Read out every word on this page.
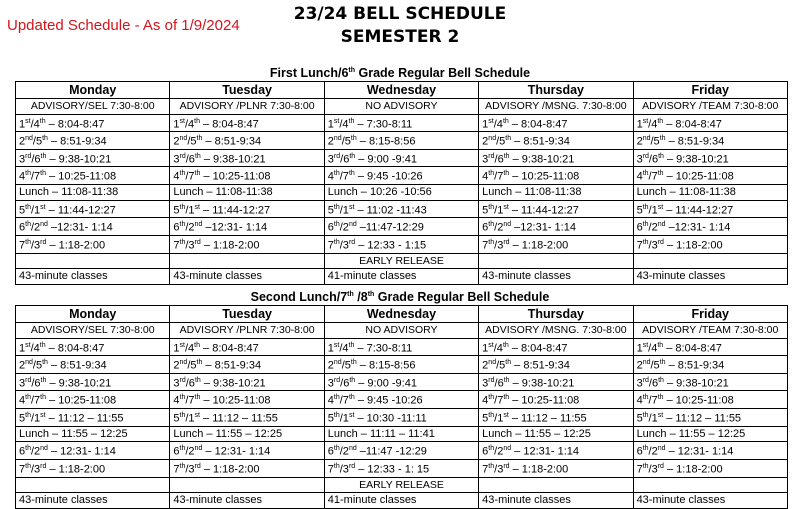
Updated Schedule - As of 1/9/2024
23/24 BELL SCHEDULE
SEMESTER 2
First Lunch/6th Grade Regular Bell Schedule
Monday	Tuesday	Wednesday	Thursday	Friday
ADVISORY/SEL 7:30-8:00	ADVISORY /PLNR 7:30-8:00	NO ADVISORY	ADVISORY /MSNG. 7:30-8:00	ADVISORY /TEAM 7:30-8:00
1st/4th – 8:04-8:47	1st/4th – 8:04-8:47	1st/4th – 7:30-8:11	1st/4th – 8:04-8:47	1st/4th – 8:04-8:47
2nd/5th – 8:51-9:34	2nd/5th – 8:51-9:34	2nd/5th – 8:15-8:56	2nd/5th – 8:51-9:34	2nd/5th – 8:51-9:34
3rd/6th – 9:38-10:21	3rd/6th – 9:38-10:21	3rd/6th – 9:00 -9:41	3rd/6th – 9:38-10:21	3rd/6th – 9:38-10:21
4th/7th – 10:25-11:08	4th/7th – 10:25-11:08	4th/7th – 9:45 -10:26	4th/7th – 10:25-11:08	4th/7th – 10:25-11:08
Lunch – 11:08-11:38	Lunch – 11:08-11:38	Lunch – 10:26 -10:56	Lunch – 11:08-11:38	Lunch – 11:08-11:38
5th/1st – 11:44-12:27	5th/1st – 11:44-12:27	5th/1st – 11:02 -11:43	5th/1st – 11:44-12:27	5th/1st – 11:44-12:27
6th/2nd –12:31- 1:14	6th/2nd –12:31- 1:14	6th/2nd –11:47-12:29	6th/2nd –12:31- 1:14	6th/2nd –12:31- 1:14
7th/3rd – 1:18-2:00	7th/3rd – 1:18-2:00	7th/3rd – 12:33 - 1:15	7th/3rd – 1:18-2:00	7th/3rd – 1:18-2:00
		EARLY RELEASE		
43-minute classes	43-minute classes	41-minute classes	43-minute classes	43-minute classes
Second Lunch/7th /8th Grade Regular Bell Schedule
Monday	Tuesday	Wednesday	Thursday	Friday
ADVISORY/SEL 7:30-8:00	ADVISORY /PLNR 7:30-8:00	NO ADVISORY	ADVISORY /MSNG. 7:30-8:00	ADVISORY /TEAM 7:30-8:00
1st/4th – 8:04-8:47	1st/4th – 8:04-8:47	1st/4th – 7:30-8:11	1st/4th – 8:04-8:47	1st/4th – 8:04-8:47
2nd/5th – 8:51-9:34	2nd/5th – 8:51-9:34	2nd/5th – 8:15-8:56	2nd/5th – 8:51-9:34	2nd/5th – 8:51-9:34
3rd/6th – 9:38-10:21	3rd/6th – 9:38-10:21	3rd/6th – 9:00 -9:41	3rd/6th – 9:38-10:21	3rd/6th – 9:38-10:21
4th/7th – 10:25-11:08	4th/7th – 10:25-11:08	4th/7th – 9:45 -10:26	4th/7th – 10:25-11:08	4th/7th – 10:25-11:08
5th/1st – 11:12 – 11:55	5th/1st – 11:12 – 11:55	5th/1st – 10:30 -11:11	5th/1st – 11:12 – 11:55	5th/1st – 11:12 – 11:55
Lunch – 11:55 – 12:25	Lunch – 11:55 – 12:25	Lunch – 11:11 – 11:41	Lunch – 11:55 – 12:25	Lunch – 11:55 – 12:25
6th/2nd – 12:31- 1:14	6th/2nd – 12:31- 1:14	6th/2nd –11:47 -12:29	6th/2nd – 12:31- 1:14	6th/2nd – 12:31- 1:14
7th/3rd – 1:18-2:00	7th/3rd – 1:18-2:00	7th/3rd – 12:33 - 1: 15	7th/3rd – 1:18-2:00	7th/3rd – 1:18-2:00
		EARLY RELEASE		
43-minute classes	43-minute classes	41-minute classes	43-minute classes	43-minute classes
